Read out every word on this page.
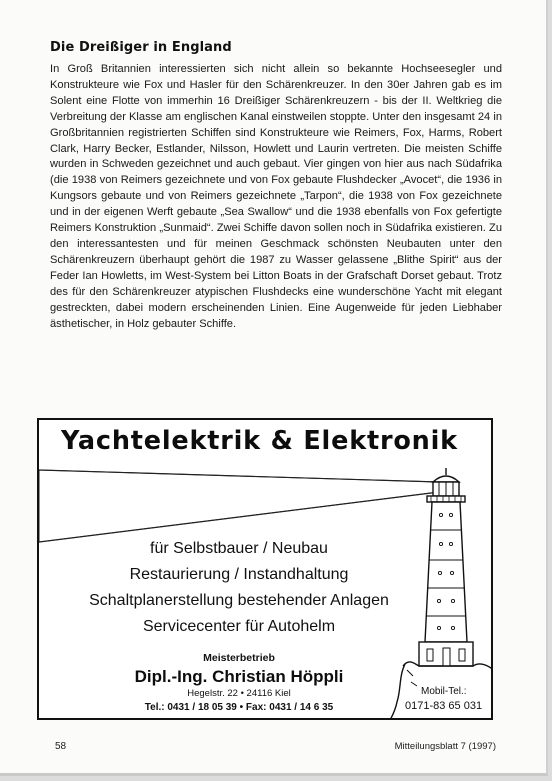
Die Dreißiger in England

In Groß Britannien interessierten sich nicht allein so bekannte Hochseesegler und Konstrukteure wie Fox und Hasler für den Schärenkreuzer. In den 30er Jahren gab es im Solent eine Flotte von immerhin 16 Dreißiger Schärenkreuzern - bis der II. Weltkrieg die Verbreitung der Klasse am englischen Kanal einstweilen stoppte. Unter den insgesamt 24 in Großbritannien registrierten Schiffen sind Konstrukteure wie Reimers, Fox, Harms, Robert Clark, Harry Becker, Estlander, Nilsson, Howlett und Laurin vertreten. Die meisten Schiffe wurden in Schweden gezeichnet und auch gebaut. Vier gingen von hier aus nach Südafrika (die 1938 von Reimers gezeichnete und von Fox gebaute Flushdecker „Avocet“, die 1936 in Kungsors gebaute und von Reimers gezeichnete „Tarpon“, die 1938 von Fox gezeichnete und in der eigenen Werft gebaute „Sea Swallow“ und die 1938 ebenfalls von Fox gefertigte Reimers Konstruktion „Sunmaid“. Zwei Schiffe davon sollen noch in Südafrika existieren. Zu den interessantesten und für meinen Geschmack schönsten Neubauten unter den Schärenkreuzern überhaupt gehört die 1987 zu Wasser gelassene „Blithe Spirit“ aus der Feder Ian Howletts, im West-System bei Litton Boats in der Grafschaft Dorset gebaut. Trotz des für den Schärenkreuzer atypischen Flushdecks eine wunderschöne Yacht mit elegant gestreckten, dabei modern erscheinenden Linien. Eine Augenweide für jeden Liebhaber ästhetischer, in Holz gebauter Schiffe.

Yachtelektrik & Elektronik
für Selbstbauer / Neubau
Restaurierung / Instandhaltung
Schaltplanerstellung bestehender Anlagen
Servicecenter für Autohelm
Meisterbetrieb
Dipl.-Ing. Christian Höppli
Hegelstr. 22 • 24116 Kiel
Tel.: 0431 / 18 05 39 • Fax: 0431 / 14 6 35
Mobil-Tel.:
0171-83 65 031
58	Mitteilungsblatt 7 (1997)
